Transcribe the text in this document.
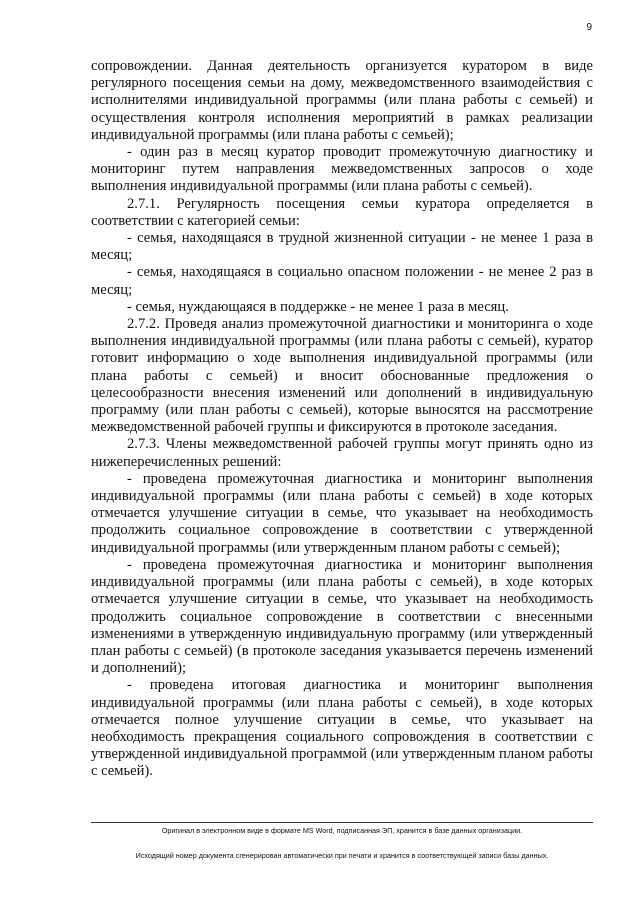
9

сопровождении. Данная деятельность организуется куратором в виде регулярного посещения семьи на дому, межведомственного взаимодействия с исполнителями индивидуальной программы (или плана работы с семьей) и осуществления контроля исполнения мероприятий в рамках реализации индивидуальной программы (или плана работы с семьей);

- один раз в месяц куратор проводит промежуточную диагностику и мониторинг путем направления межведомственных запросов о ходе выполнения индивидуальной программы (или плана работы с семьей).

2.7.1. Регулярность посещения семьи куратора определяется в соответствии с категорией семьи:

- семья, находящаяся в трудной жизненной ситуации - не менее 1 раза в месяц;

- семья, находящаяся в социально опасном положении - не менее 2 раз в месяц;

- семья, нуждающаяся в поддержке - не менее 1 раза в месяц.

2.7.2. Проведя анализ промежуточной диагностики и мониторинга о ходе выполнения индивидуальной программы (или плана работы с семьей), куратор готовит информацию о ходе выполнения индивидуальной программы (или плана работы с семьей) и вносит обоснованные предложения о целесообразности внесения изменений или дополнений в индивидуальную программу (или план работы с семьей), которые выносятся на рассмотрение межведомственной рабочей группы и фиксируются в протоколе заседания.

2.7.3. Члены межведомственной рабочей группы могут принять одно из нижеперечисленных решений:

- проведена промежуточная диагностика и мониторинг выполнения индивидуальной программы (или плана работы с семьей) в ходе которых отмечается улучшение ситуации в семье, что указывает на необходимость продолжить социальное сопровождение в соответствии с утвержденной индивидуальной программы (или утвержденным планом работы с семьей);

- проведена промежуточная диагностика и мониторинг выполнения индивидуальной программы (или плана работы с семьей), в ходе которых отмечается улучшение ситуации в семье, что указывает на необходимость продолжить социальное сопровождение в соответствии с внесенными изменениями в утвержденную индивидуальную программу (или утвержденный план работы с семьей) (в протоколе заседания указывается перечень изменений и дополнений);

- проведена итоговая диагностика и мониторинг выполнения индивидуальной программы (или плана работы с семьей), в ходе которых отмечается полное улучшение ситуации в семье, что указывает на необходимость прекращения социального сопровождения в соответствии с утвержденной индивидуальной программой (или утвержденным планом работы с семьей).

Оригинал в электронном виде в формате MS Word, подписанная ЭП, хранится в базе данных организации.
Исходящий номер документа сгенерирован автоматически при печати и хранится в соответствующей записи базы данных.
